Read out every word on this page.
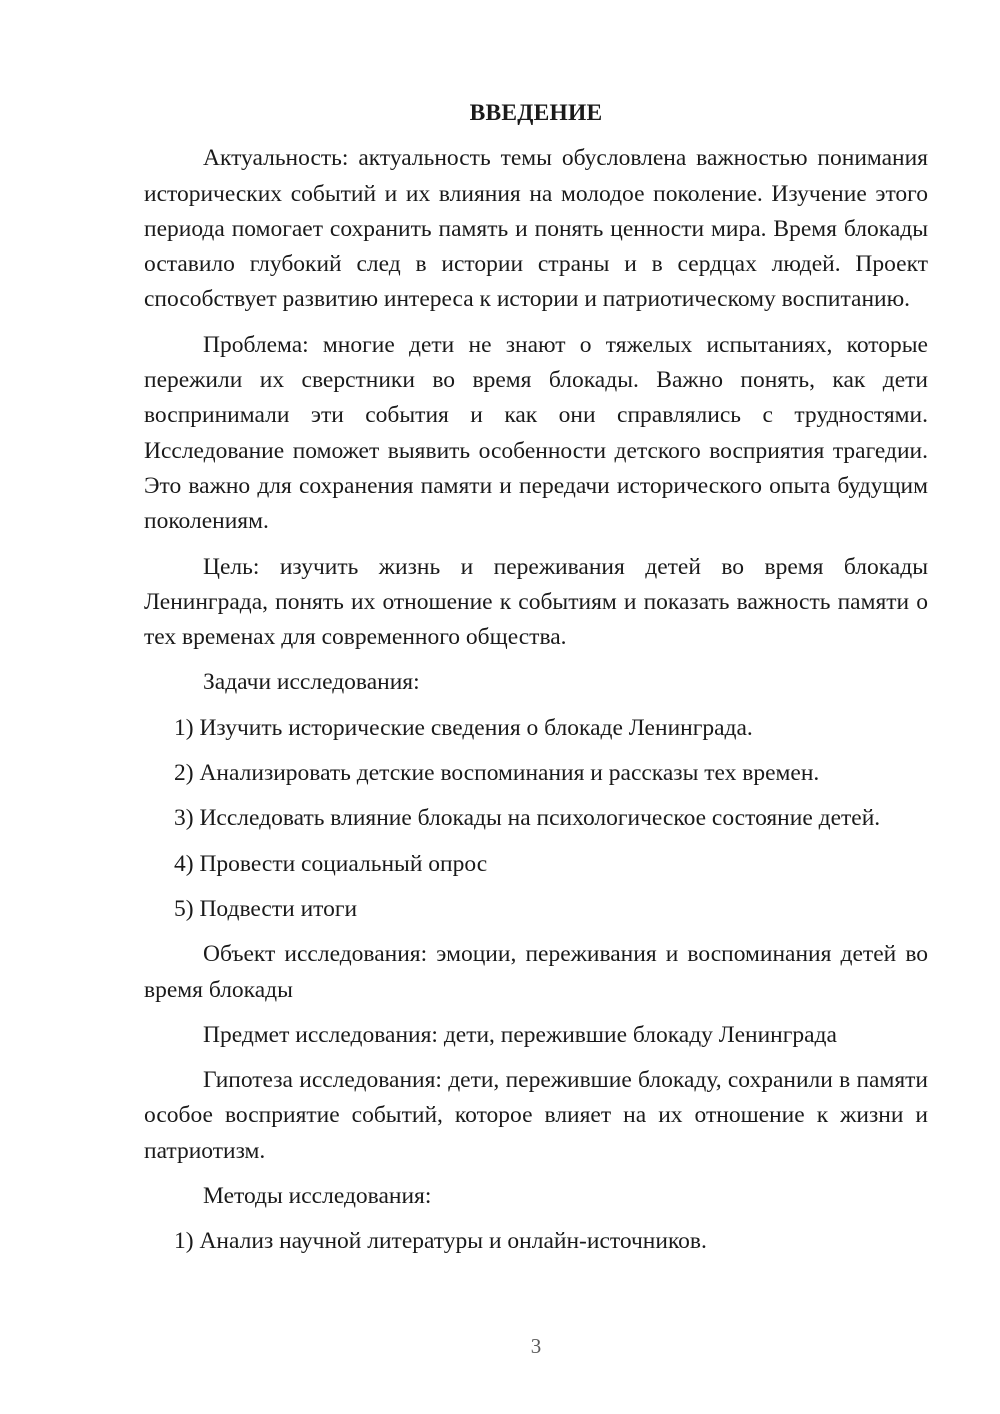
ВВЕДЕНИЕ

Актуальность: актуальность темы обусловлена важностью понимания исторических событий и их влияния на молодое поколение. Изучение этого периода помогает сохранить память и понять ценности мира. Время блокады оставило глубокий след в истории страны и в сердцах людей. Проект способствует развитию интереса к истории и патриотическому воспитанию.

Проблема: многие дети не знают о тяжелых испытаниях, которые пережили их сверстники во время блокады. Важно понять, как дети воспринимали эти события и как они справлялись с трудностями. Исследование поможет выявить особенности детского восприятия трагедии. Это важно для сохранения памяти и передачи исторического опыта будущим поколениям.

Цель: изучить жизнь и переживания детей во время блокады Ленинграда, понять их отношение к событиям и показать важность памяти о тех временах для современного общества.

Задачи исследования:

1) Изучить исторические сведения о блокаде Ленинграда.

2) Анализировать детские воспоминания и рассказы тех времен.

3) Исследовать влияние блокады на психологическое состояние детей.

4) Провести социальный опрос

5) Подвести итоги

Объект исследования: эмоции, переживания и воспоминания детей во время блокады

Предмет исследования: дети, пережившие блокаду Ленинграда

Гипотеза исследования: дети, пережившие блокаду, сохранили в памяти особое восприятие событий, которое влияет на их отношение к жизни и патриотизм.

Методы исследования:

1) Анализ научной литературы и онлайн-источников.

3
